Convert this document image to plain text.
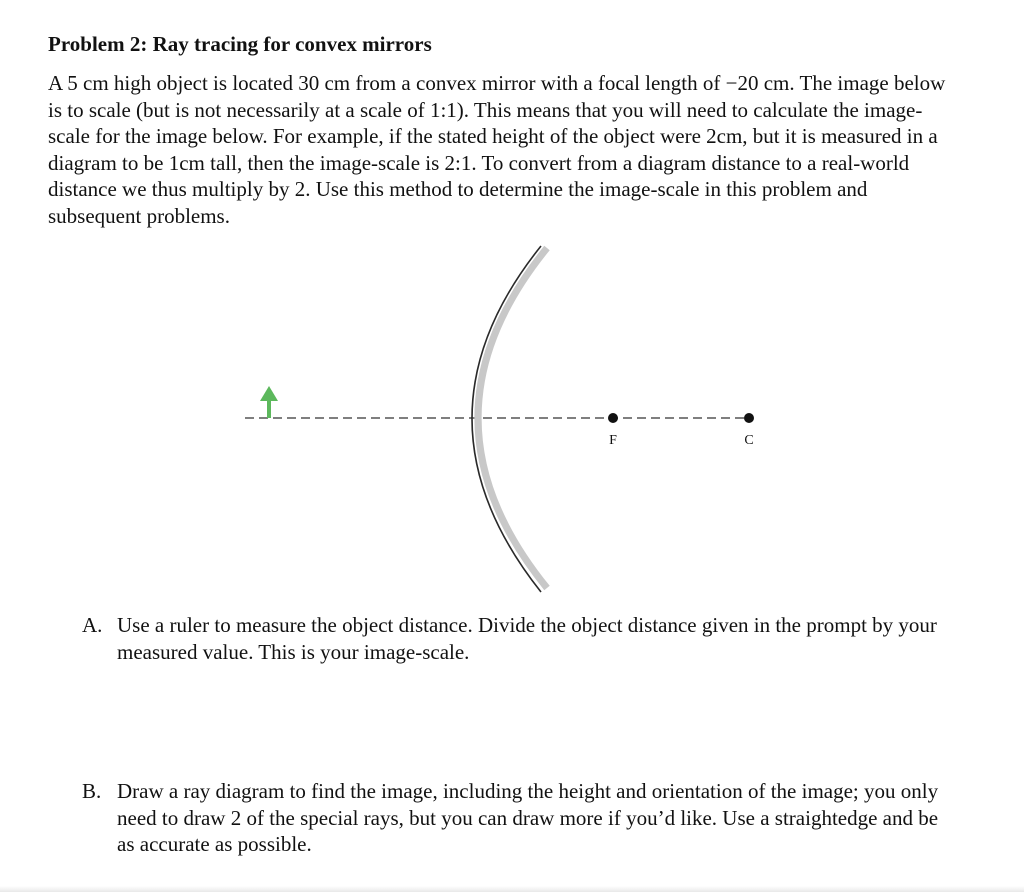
Problem 2: Ray tracing for convex mirrors

A 5 cm high object is located 30 cm from a convex mirror with a focal length of −20 cm. The image below is to scale (but is not necessarily at a scale of 1:1). This means that you will need to calculate the image-scale for the image below. For example, if the stated height of the object were 2cm, but it is measured in a diagram to be 1cm tall, then the image-scale is 2:1. To convert from a diagram distance to a real-world distance we thus multiply by 2. Use this method to determine the image-scale in this problem and subsequent problems.

F	C
A. Use a ruler to measure the object distance. Divide the object distance given in the prompt by your measured value. This is your image-scale.
B. Draw a ray diagram to find the image, including the height and orientation of the image; you only need to draw 2 of the special rays, but you can draw more if you’d like. Use a straightedge and be as accurate as possible.
